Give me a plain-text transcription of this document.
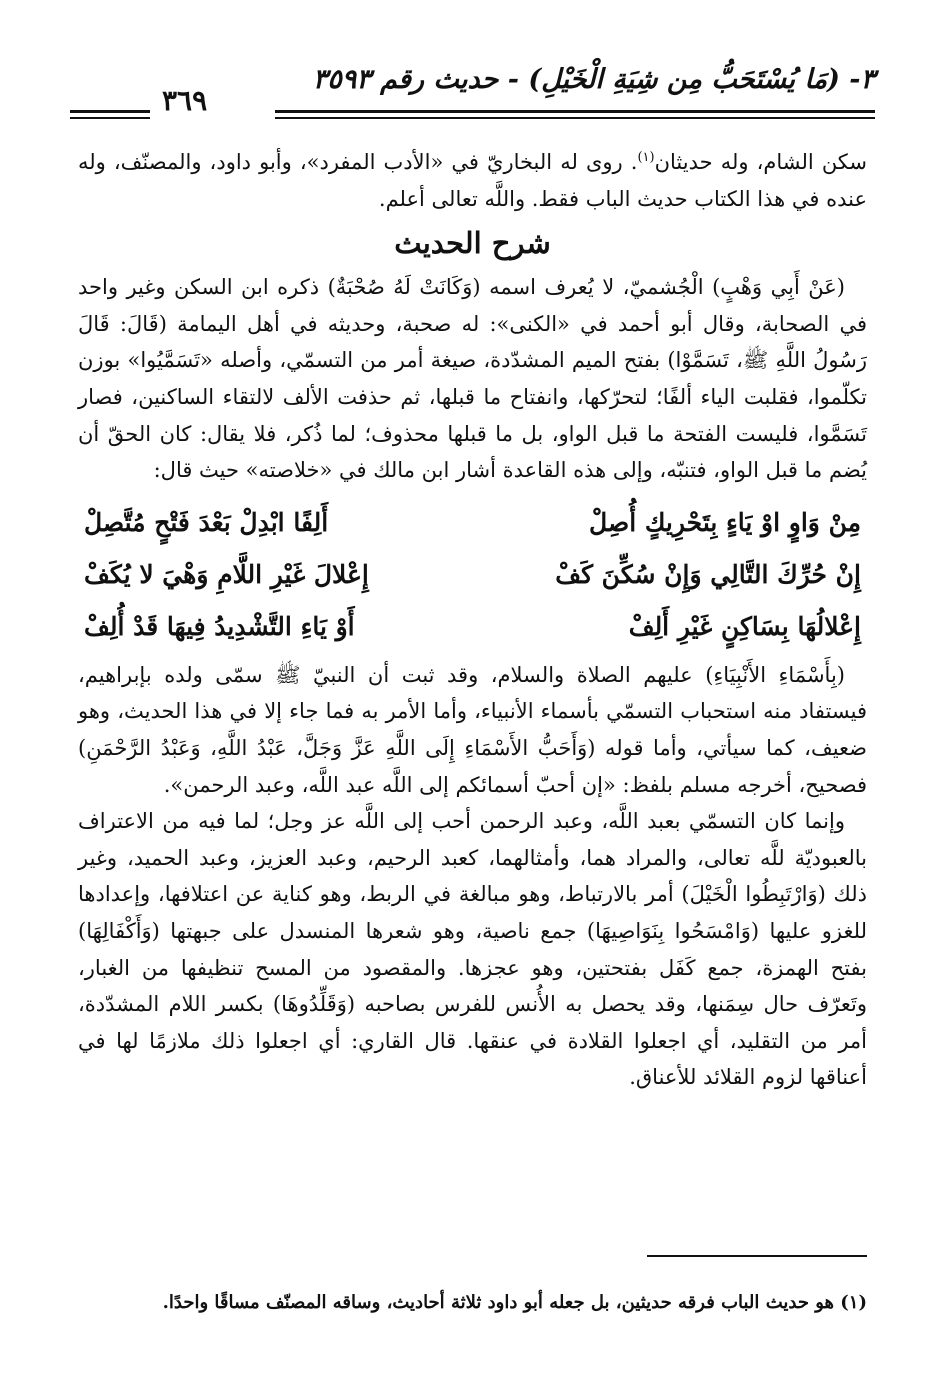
٣- (مَا يُسْتَحَبُّ مِن شِيَةِ الْخَيْلِ) - حديث رقم ٣٥٩٣
٣٦٩

سكن الشام، وله حديثان$^{(١)}$. روى له البخاريّ في «الأدب المفرد»، وأبو داود، والمصنّف، وله عنده في هذا الكتاب حديث الباب فقط. واللَّه تعالى أعلم.

شرح الحديث

(عَنْ أَبِي وَهْبٍ) الْجُشميّ، لا يُعرف اسمه (وَكَانَتْ لَهُ صُحْبَةٌ) ذكره ابن السكن وغير واحد في الصحابة، وقال أبو أحمد في «الكنى»: له صحبة، وحديثه في أهل اليمامة (قَالَ: قَالَ رَسُولُ اللَّهِ ﷺ، تَسَمَّوْا) بفتح الميم المشدّدة، صيغة أمر من التسمّي، وأصله «تَسَمَّيُوا» بوزن تكلّموا، فقلبت الياء ألفًا؛ لتحرّكها، وانفتاح ما قبلها، ثم حذفت الألف لالتقاء الساكنين، فصار تَسَمَّوا، فليست الفتحة ما قبل الواو، بل ما قبلها محذوف؛ لما ذُكر، فلا يقال: كان الحقّ أن يُضم ما قبل الواو، فتنبّه، وإلى هذه القاعدة أشار ابن مالك في «خلاصته» حيث قال:

مِنْ وَاوٍ اوْ يَاءٍ بِتَحْرِيكٍ أُصِلْ
أَلِفًا ابْدِلْ بَعْدَ فَتْحٍ مُتَّصِلْ
إِنْ حُرِّكَ التَّالِي وَإِنْ سُكِّنَ كَفْ
إِعْلالَ غَيْرِ اللَّامِ وَهْيَ لا يُكَفْ
إِعْلالُهَا بِسَاكِنٍ غَيْرِ أَلِفْ
أَوْ يَاءِ التَّشْدِيدُ فِيهَا قَدْ أُلِفْ

(بِأَسْمَاءِ الأَنْبِيَاءِ) عليهم الصلاة والسلام، وقد ثبت أن النبيّ ﷺ سمّى ولده بإبراهيم، فيستفاد منه استحباب التسمّي بأسماء الأنبياء، وأما الأمر به فما جاء إلا في هذا الحديث، وهو ضعيف، كما سيأتي، وأما قوله (وَأَحَبُّ الأَسْمَاءِ إِلَى اللَّهِ عَزَّ وَجَلَّ، عَبْدُ اللَّهِ، وَعَبْدُ الرَّحْمَنِ) فصحيح، أخرجه مسلم بلفظ: «إن أحبّ أسمائكم إلى اللَّه عبد اللَّه، وعبد الرحمن».

وإنما كان التسمّي بعبد اللَّه، وعبد الرحمن أحب إلى اللَّه عز وجل؛ لما فيه من الاعتراف بالعبوديّة للَّه تعالى، والمراد هما، وأمثالهما، كعبد الرحيم، وعبد العزيز، وعبد الحميد، وغير ذلك (وَارْتَبِطُوا الْخَيْلَ) أمر بالارتباط، وهو مبالغة في الربط، وهو كناية عن اعتلافها، وإعدادها للغزو عليها (وَامْسَحُوا بِنَوَاصِيهَا) جمع ناصية، وهو شعرها المنسدل على جبهتها (وَأَكْفَالِهَا) بفتح الهمزة، جمع كَفَل بفتحتين، وهو عجزها. والمقصود من المسح تنظيفها من الغبار، وتَعرّف حال سِمَنها، وقد يحصل به الأُنس للفرس بصاحبه (وَقَلِّدُوهَا) بكسر اللام المشدّدة، أمر من التقليد، أي اجعلوا القلادة في عنقها. قال القاري: أي اجعلوا ذلك ملازمًا لها في أعناقها لزوم القلائد للأعناق.

(١) هو حديث الباب فرقه حديثين، بل جعله أبو داود ثلاثة أحاديث، وساقه المصنّف مساقًا واحدًا.
